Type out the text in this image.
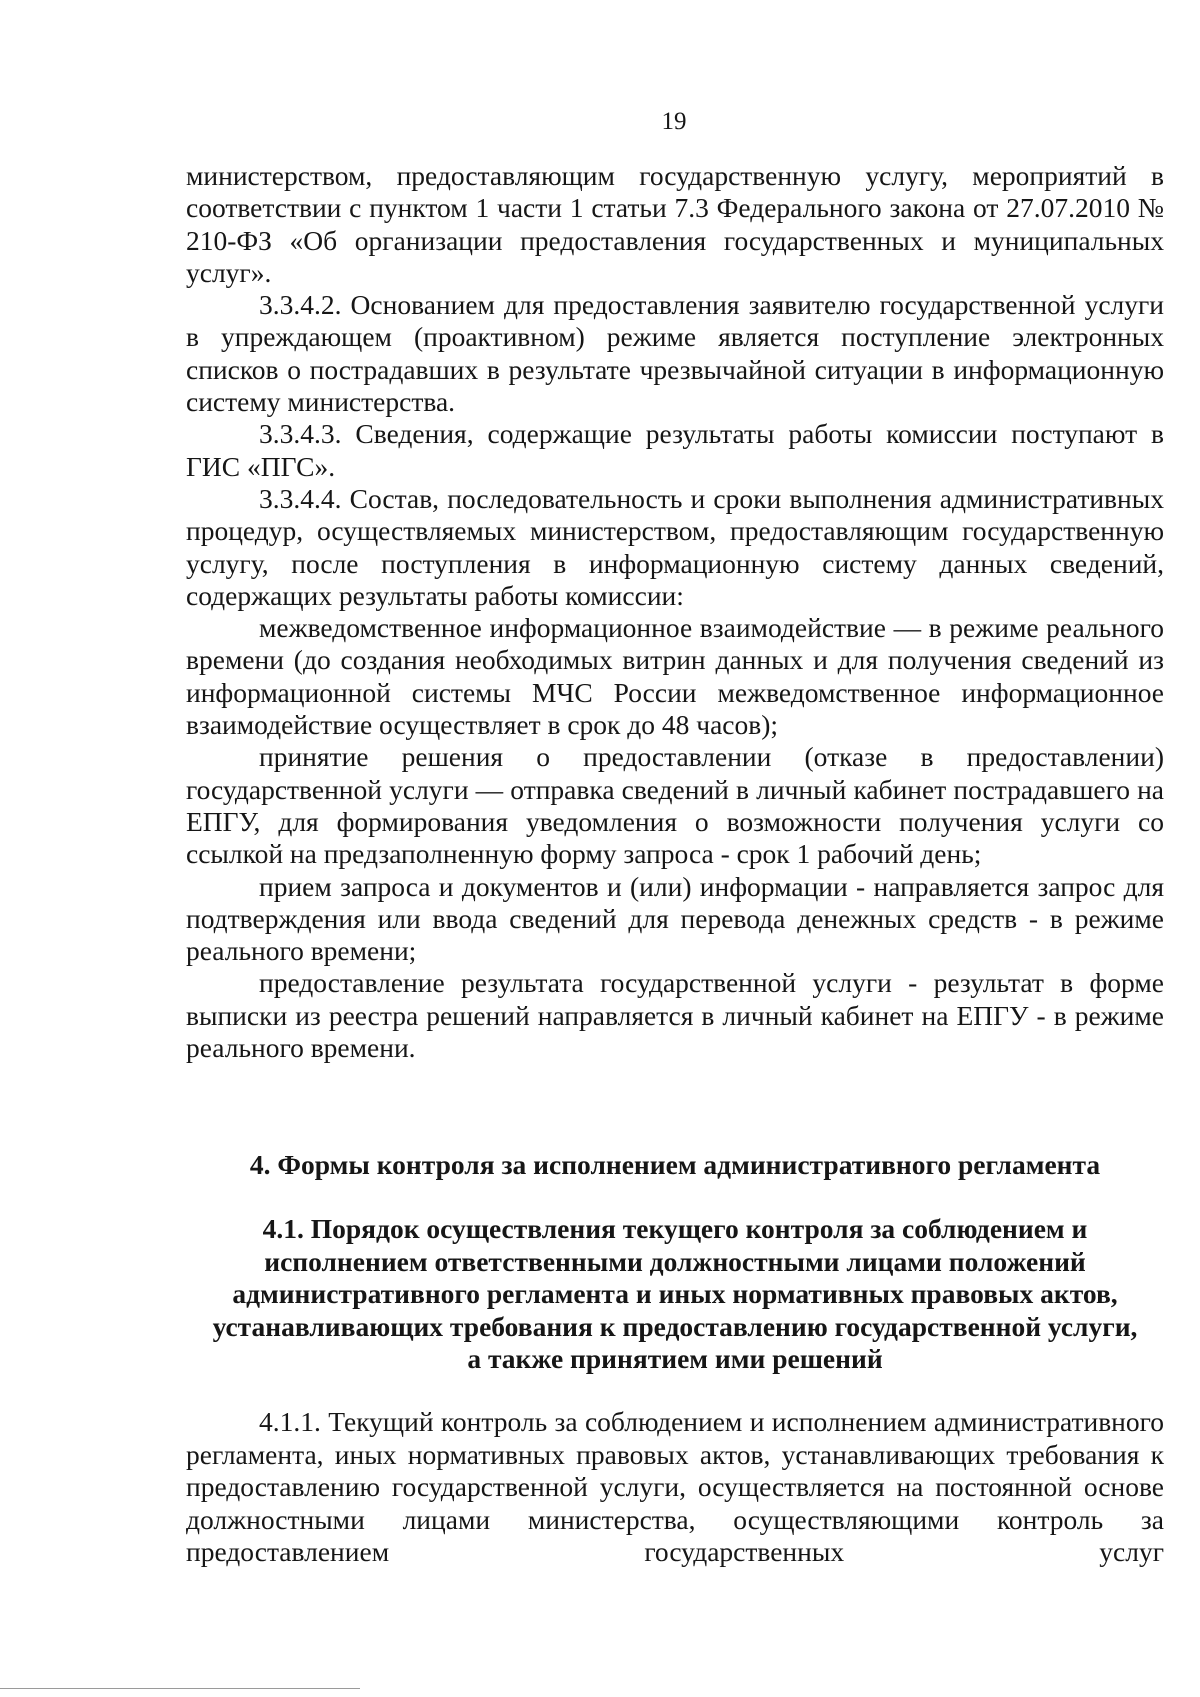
19

министерством, предоставляющим государственную услугу, мероприятий в соответствии с пунктом 1 части 1 статьи 7.3 Федерального закона от 27.07.2010 № 210-ФЗ «Об организации предоставления государственных и муниципальных услуг».

3.3.4.2. Основанием для предоставления заявителю государственной услуги в упреждающем (проактивном) режиме является поступление электронных списков о пострадавших в результате чрезвычайной ситуации в информационную систему министерства.

3.3.4.3. Сведения, содержащие результаты работы комиссии поступают в ГИС «ПГС».

3.3.4.4. Состав, последовательность и сроки выполнения административных процедур, осуществляемых министерством, предоставляющим государственную услугу, после поступления в информационную систему данных сведений, содержащих результаты работы комиссии:

межведомственное информационное взаимодействие — в режиме реального времени (до создания необходимых витрин данных и для получения сведений из информационной системы МЧС России межведомственное информационное взаимодействие осуществляет в срок до 48 часов);

принятие решения о предоставлении (отказе в предоставлении) государственной услуги — отправка сведений в личный кабинет пострадавшего на ЕПГУ, для формирования уведомления о возможности получения услуги со ссылкой на предзаполненную форму запроса - срок 1 рабочий день;

прием запроса и документов и (или) информации - направляется запрос для подтверждения или ввода сведений для перевода денежных средств - в режиме реального времени;

предоставление результата государственной услуги - результат в форме выписки из реестра решений направляется в личный кабинет на ЕПГУ - в режиме реального времени.

4. Формы контроля за исполнением административного регламента
4.1. Порядок осуществления текущего контроля за соблюдением и
исполнением ответственными должностными лицами положений
административного регламента и иных нормативных правовых актов,
устанавливающих требования к предоставлению государственной услуги,
а также принятием ими решений

4.1.1. Текущий контроль за соблюдением и исполнением административного регламента, иных нормативных правовых актов, устанавливающих требования к предоставлению государственной услуги, осуществляется на постоянной основе должностными лицами министерства, осуществляющими контроль за предоставлением государственных услуг
